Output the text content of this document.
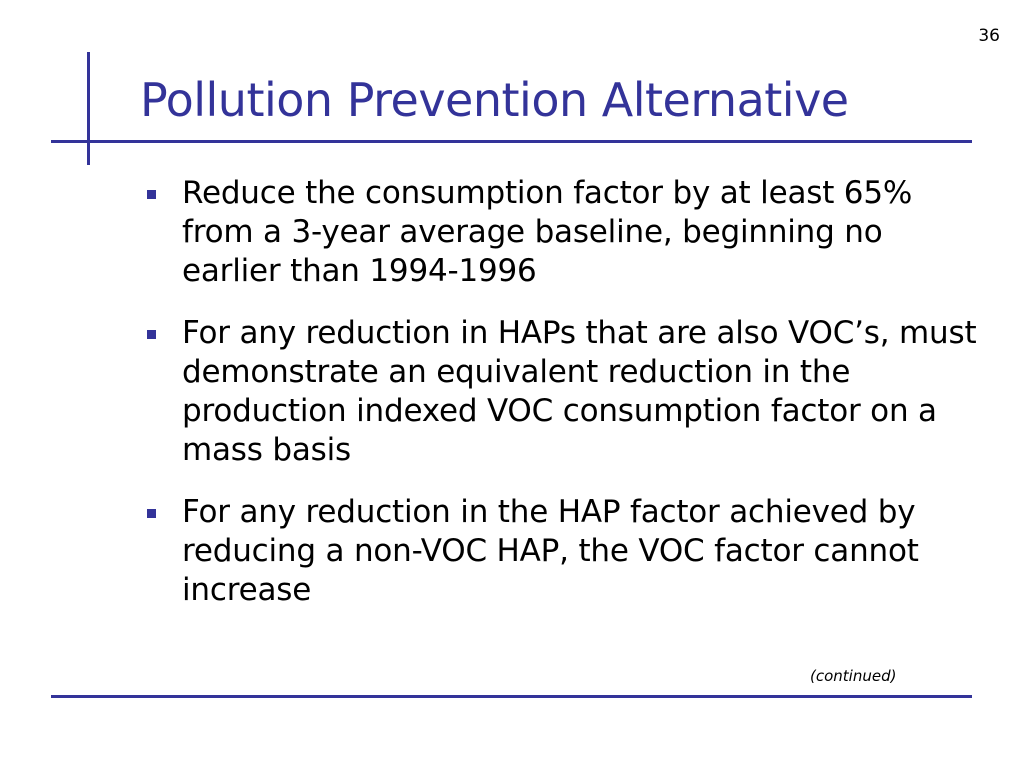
36
Pollution Prevention Alternative
Reduce the consumption factor by at least 65% from a 3-year average baseline, beginning no earlier than 1994-1996
For any reduction in HAPs that are also VOC’s, must demonstrate an equivalent reduction in the production indexed VOC consumption factor on a mass basis
For any reduction in the HAP factor achieved by reducing a non-VOC HAP, the VOC factor cannot increase
(continued)
